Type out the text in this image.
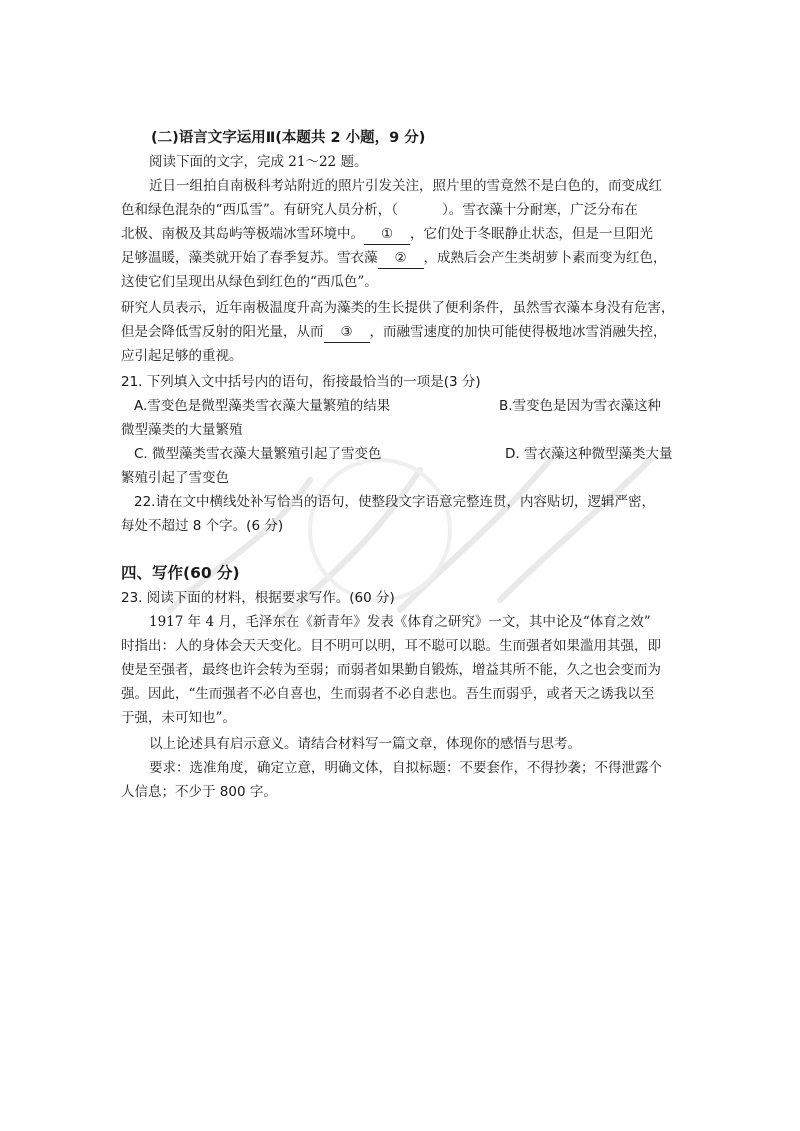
(二)语言文字运用Ⅱ(本题共 2 小题，9 分)
阅读下面的文字，完成 21～22 题。
近日一组拍自南极科考站附近的照片引发关注，照片里的雪竟然不是白色的，而变成红
色和绿色混杂的“西瓜雪”。有研究人员分析，（	）。雪衣藻十分耐寒，广泛分布在
北极、南极及其岛屿等极端冰雪环境中。 ① ，它们处于冬眠静止状态，但是一旦阳光
足够温暖，藻类就开始了春季复苏。雪衣藻 ② ，成熟后会产生类胡萝卜素而变为红色，
这使它们呈现出从绿色到红色的“西瓜色”。
研究人员表示，近年南极温度升高为藻类的生长提供了便利条件，虽然雪衣藻本身没有危害，
但是会降低雪反射的阳光量，从而 ③ ，而融雪速度的加快可能使得极地冰雪消融失控，
应引起足够的重视。
21. 下列填入文中括号内的语句，衔接最恰当的一项是(3 分)
A.雪变色是微型藻类雪衣藻大量繁殖的结果	B.雪变色是因为雪衣藻这种
微型藻类的大量繁殖
C. 微型藻类雪衣藻大量繁殖引起了雪变色	D. 雪衣藻这种微型藻类大量
繁殖引起了雪变色
22.请在文中横线处补写恰当的语句，使整段文字语意完整连贯，内容贴切，逻辑严密，
每处不超过 8 个字。(6 分)
四、写作(60 分)
23. 阅读下面的材料，根据要求写作。(60 分)
1917 年 4 月，毛泽东在《新青年》发表《体育之研究》一文，其中论及“体育之效”
时指出：人的身体会天天变化。目不明可以明，耳不聪可以聪。生而强者如果滥用其强，即
使是至强者，最终也许会转为至弱；而弱者如果勤自锻炼，增益其所不能，久之也会变而为
强。因此，“生而强者不必自喜也，生而弱者不必自悲也。吾生而弱乎，或者天之诱我以至
于强，未可知也”。
以上论述具有启示意义。请结合材料写一篇文章，体现你的感悟与思考。
要求：选准角度，确定立意，明确文体，自拟标题：不要套作，不得抄袭；不得泄露个
人信息；不少于 800 字。
